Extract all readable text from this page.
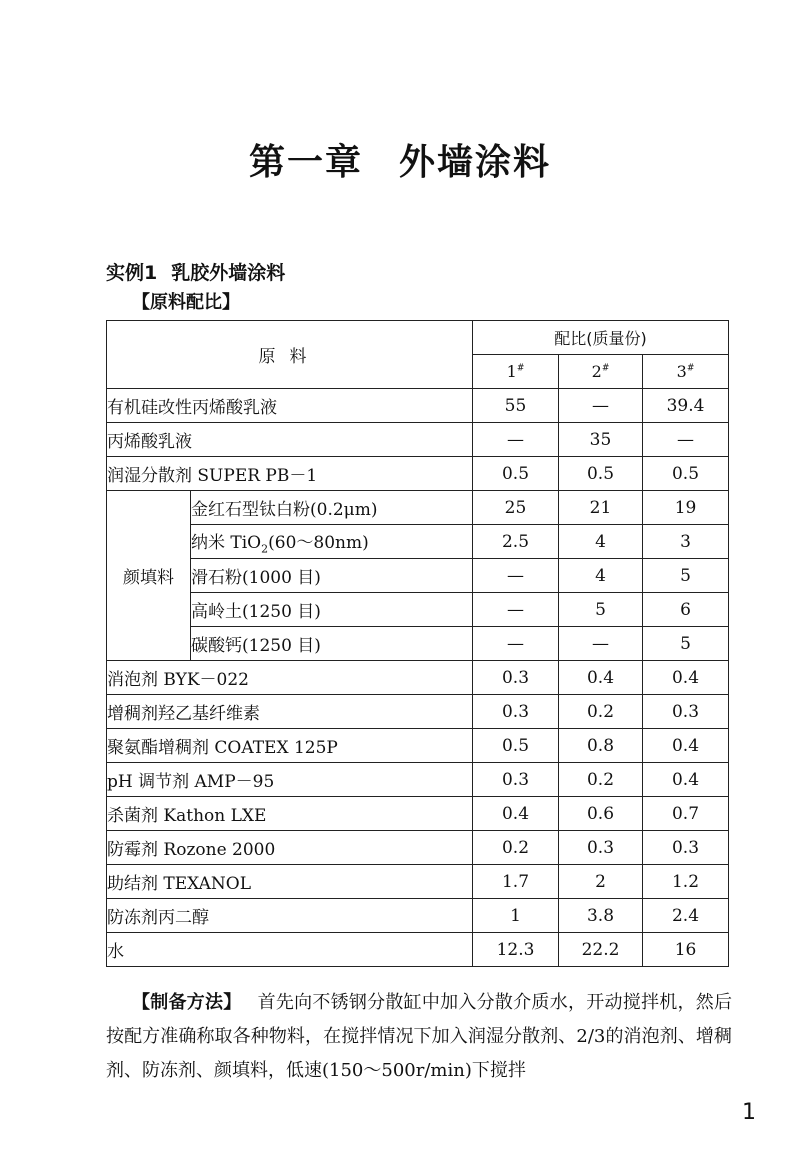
第一章 外墙涂料
实例1 乳胶外墙涂料
【原料配比】
原料		配比(质量份)		
		1#	2#	3#
有机硅改性丙烯酸乳液		55	—	39.4
丙烯酸乳液		—	35	—
润湿分散剂 SUPER PB－1		0.5	0.5	0.5
颜填料	金红石型钛白粉(0.2μm)	25	21	19
	纳米 TiO$_2$(60～80nm)	2.5	4	3
	滑石粉(1000 目)	—	4	5
	高岭土(1250 目)	—	5	6
	碳酸钙(1250 目)	—	—	5
消泡剂 BYK－022		0.3	0.4	0.4
增稠剂羟乙基纤维素		0.3	0.2	0.3
聚氨酯增稠剂 COATEX 125P		0.5	0.8	0.4
pH 调节剂 AMP－95		0.3	0.2	0.4
杀菌剂 Kathon LXE		0.4	0.6	0.7
防霉剂 Rozone 2000		0.2	0.3	0.3
助结剂 TEXANOL		1.7	2	1.2
防冻剂丙二醇		1	3.8	2.4
水		12.3	22.2	16
【制备方法】 首先向不锈钢分散缸中加入分散介质水，开动搅拌机，然后按配方准确称取各种物料，在搅拌情况下加入润湿分散剂、2/3的消泡剂、增稠剂、防冻剂、颜填料，低速(150～500r/min)下搅拌
1
